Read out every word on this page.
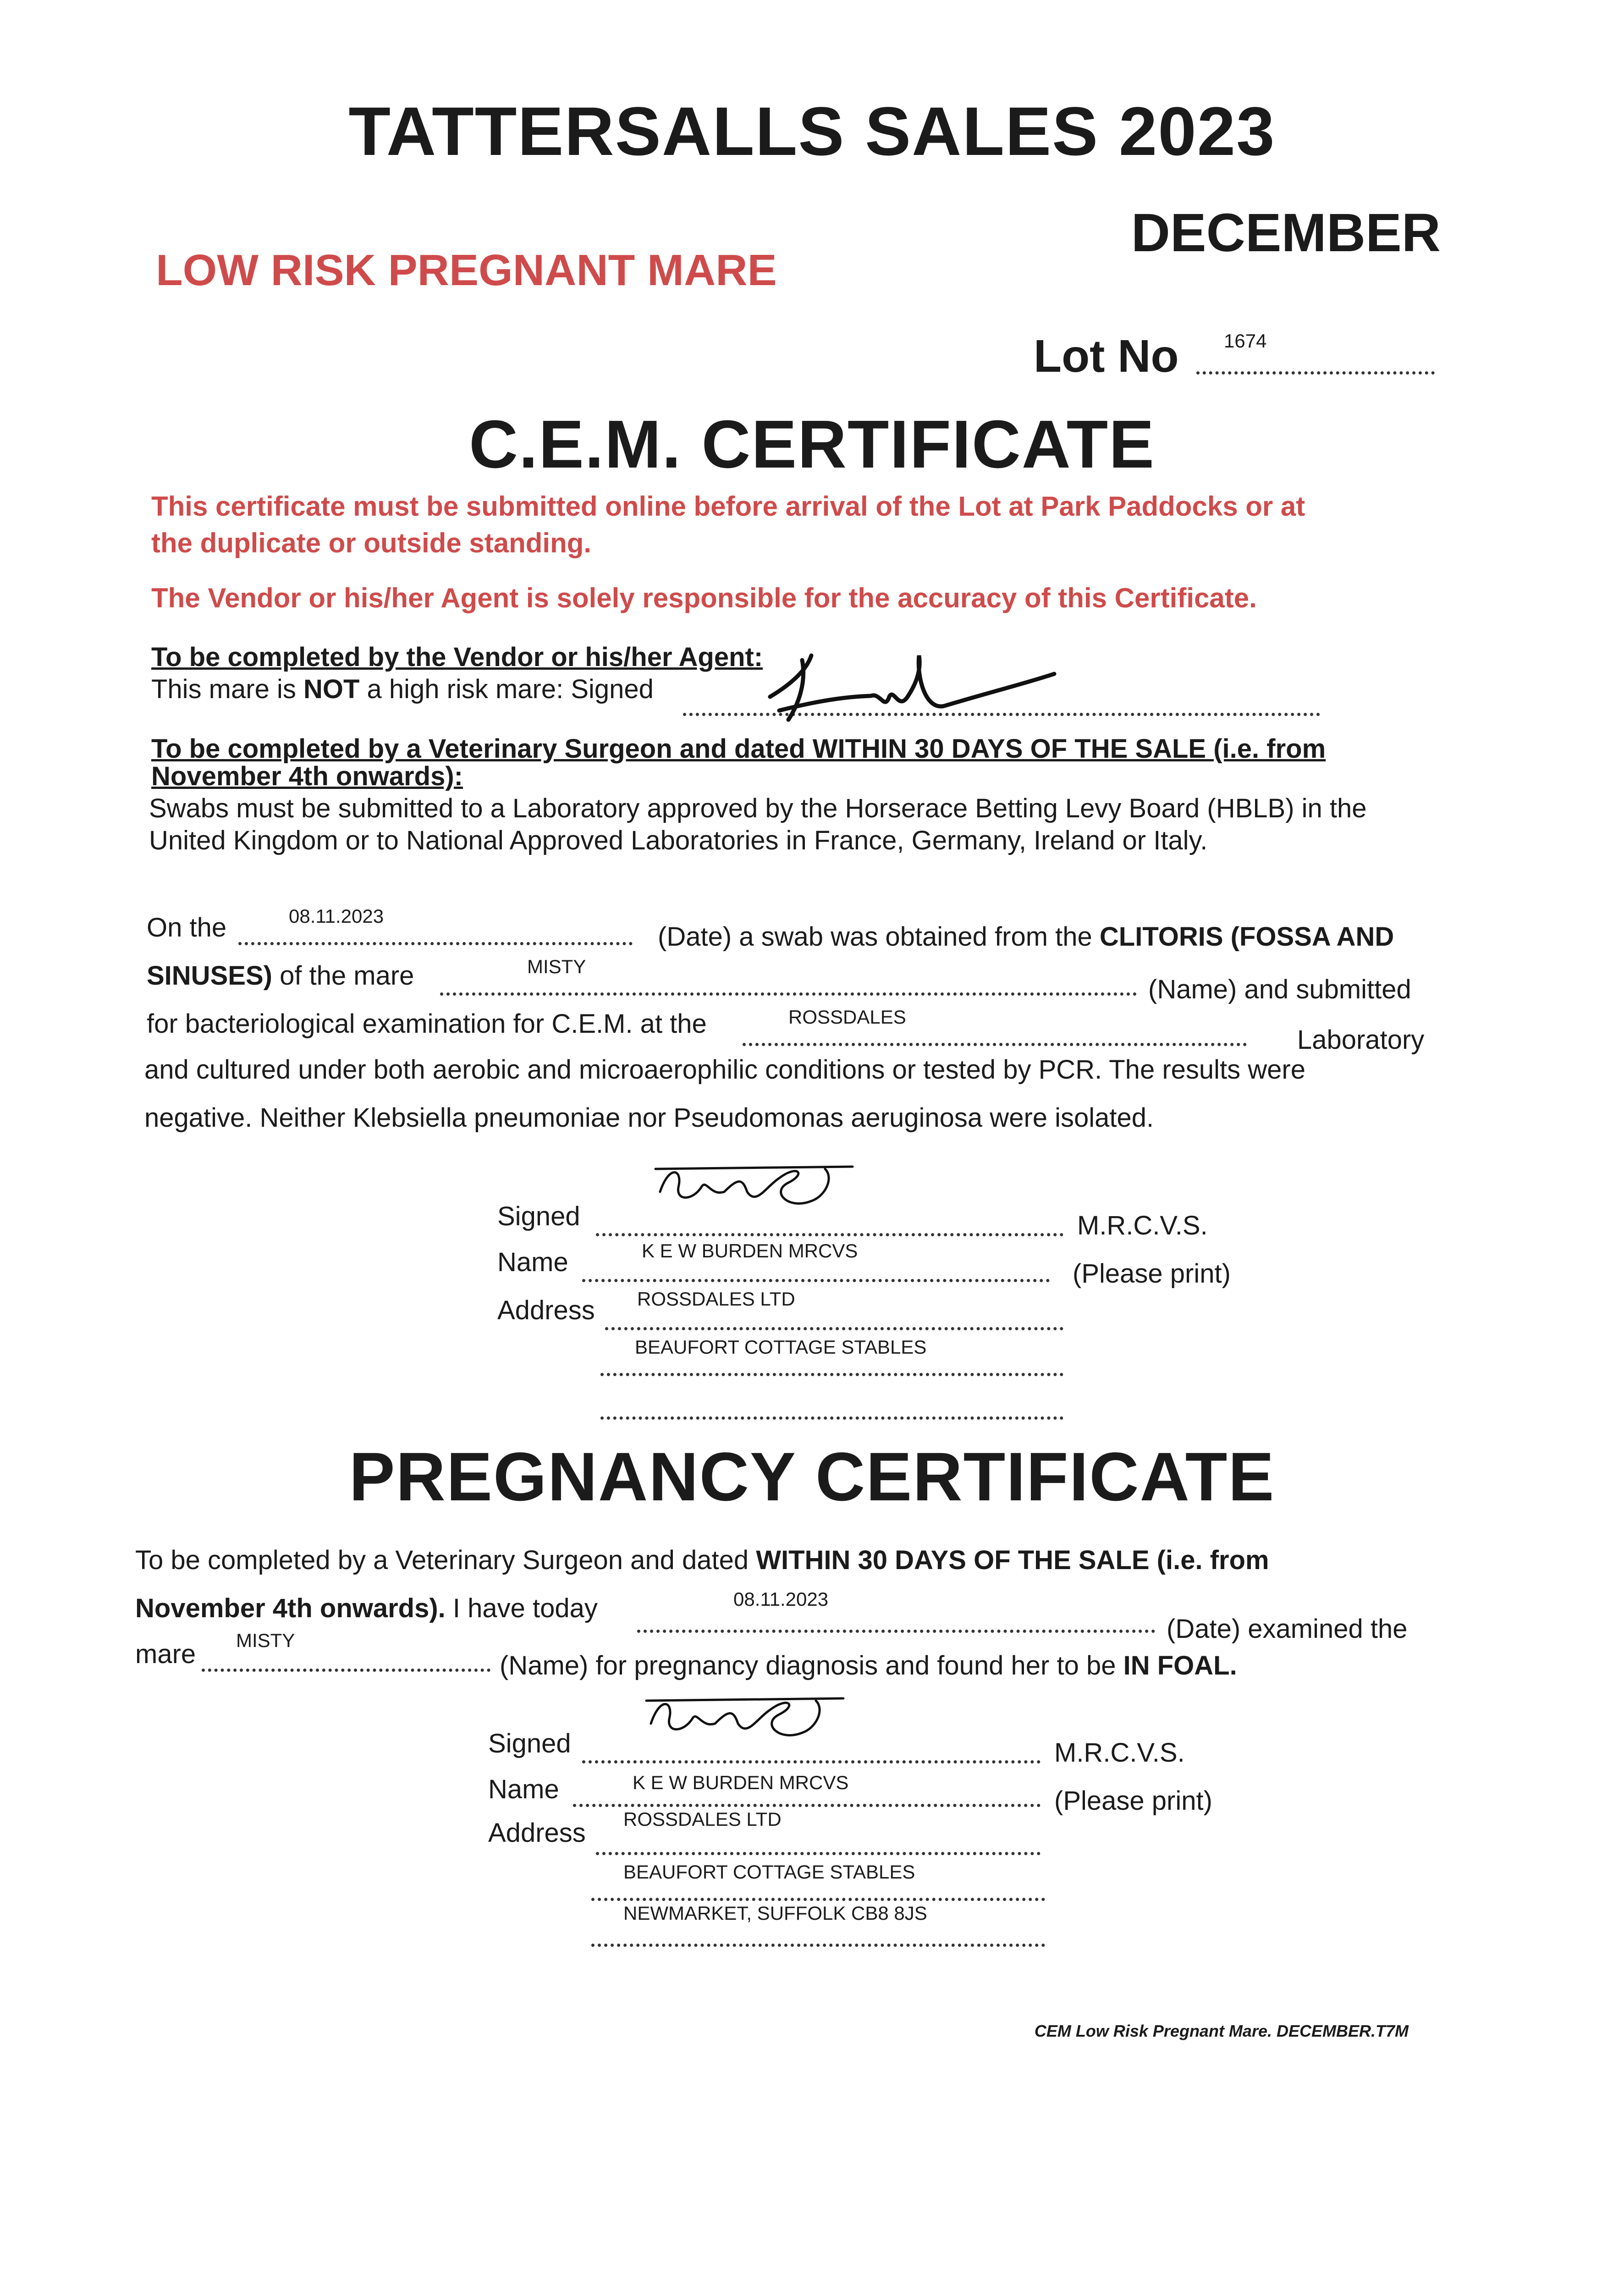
TATTERSALLS SALES 2023
DECEMBER
LOW RISK PREGNANT MARE
Lot No 1674
C.E.M. CERTIFICATE
This certificate must be submitted online before arrival of the Lot at Park Paddocks or at
the duplicate or outside standing.
The Vendor or his/her Agent is solely responsible for the accuracy of this Certificate.
To be completed by the Vendor or his/her Agent:
This mare is NOT a high risk mare: Signed
To be completed by a Veterinary Surgeon and dated WITHIN 30 DAYS OF THE SALE (i.e. from
November 4th onwards):
Swabs must be submitted to a Laboratory approved by the Horserace Betting Levy Board (HBLB) in the
United Kingdom or to National Approved Laboratories in France, Germany, Ireland or Italy.
On the	08.11.2023
(Date) a swab was obtained from the CLITORIS (FOSSA AND
SINUSES) of the mare	MISTY
(Name) and submitted
for bacteriological examination for C.E.M. at the	ROSSDALES
Laboratory
and cultured under both aerobic and microaerophilic conditions or tested by PCR. The results were
negative. Neither Klebsiella pneumoniae nor Pseudomonas aeruginosa were isolated.
Signed	M.R.C.V.S.
Name	K E W BURDEN MRCVS
(Please print)
Address ROSSDALES LTD
BEAUFORT COTTAGE STABLES
PREGNANCY CERTIFICATE
To be completed by a Veterinary Surgeon and dated WITHIN 30 DAYS OF THE SALE (i.e. from
November 4th onwards). I have today	08.11.2023
(Date) examined the
mare MISTY
(Name) for pregnancy diagnosis and found her to be IN FOAL.
Signed	M.R.C.V.S.
Name	K E W BURDEN MRCVS
(Please print)
Address ROSSDALES LTD
BEAUFORT COTTAGE STABLES
NEWMARKET, SUFFOLK CB8 8JS
CEM Low Risk Pregnant Mare. DECEMBER.T7M
